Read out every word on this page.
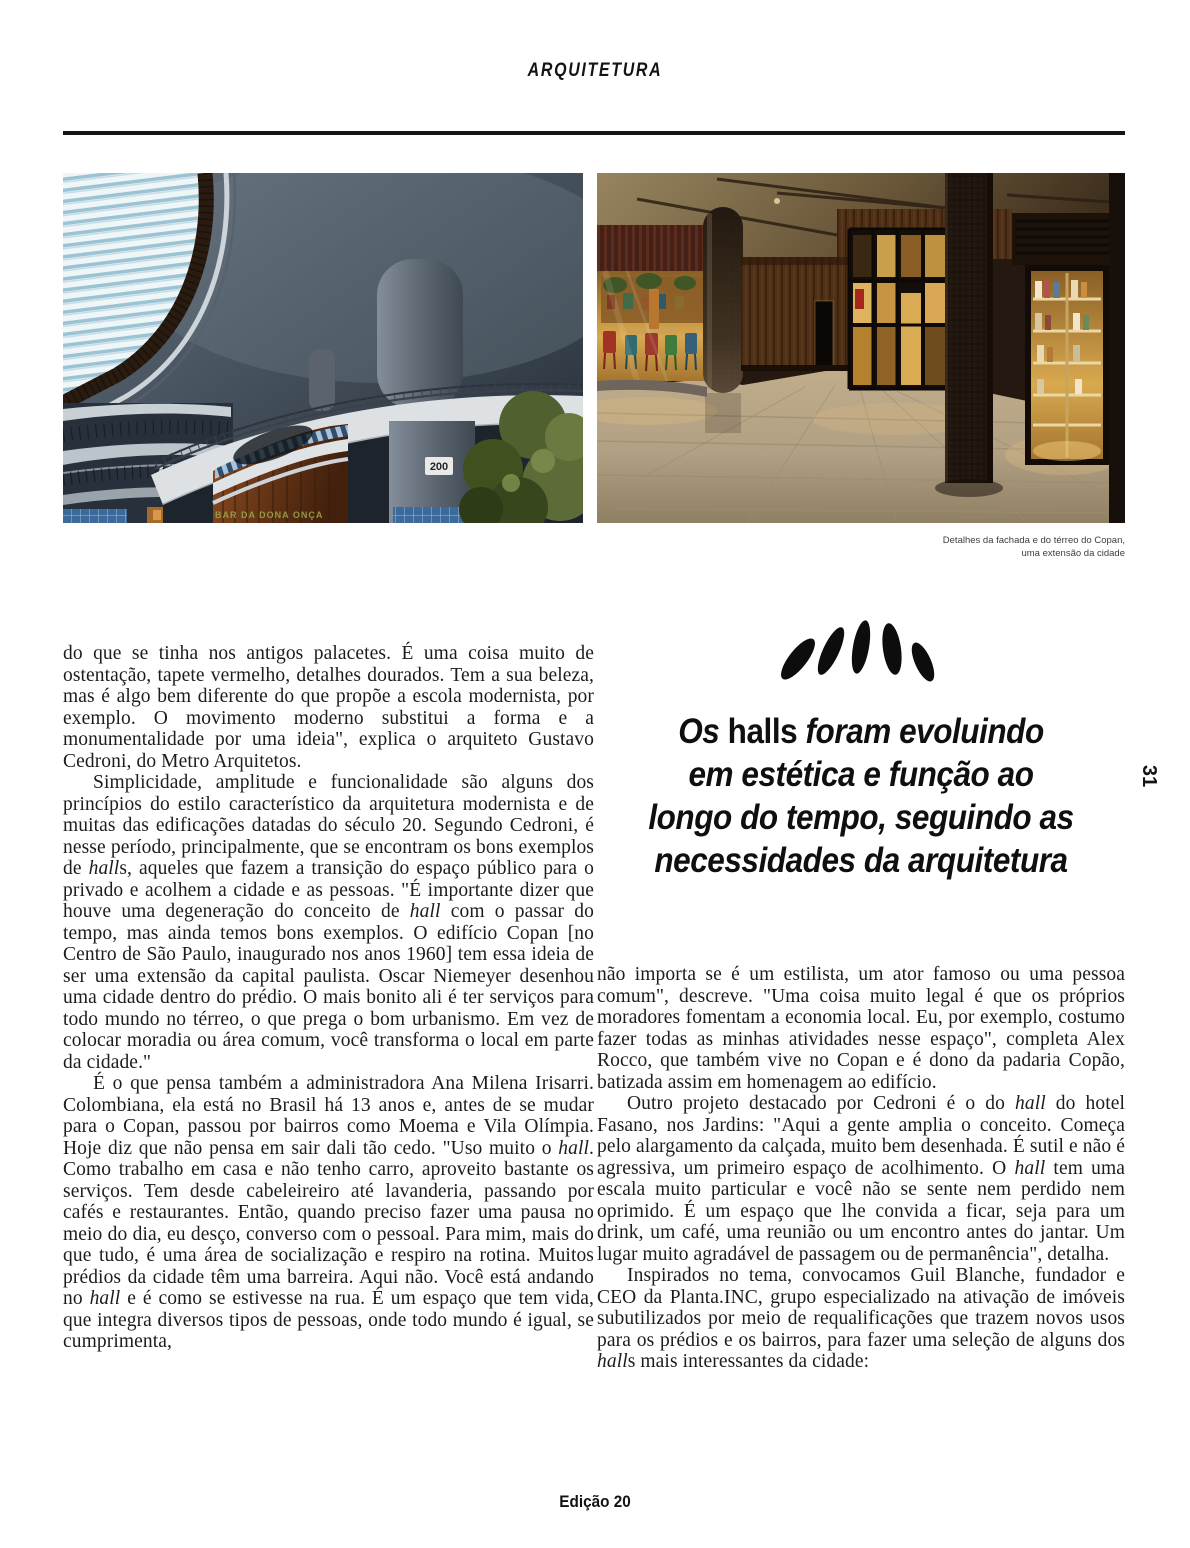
ARQUITETURA
200
BAR DA DONA ONÇA
Detalhes da fachada e do térreo do Copan,
uma extensão da cidade
Os halls foram evoluindo
em estética e função ao
longo do tempo, seguindo as
necessidades da arquitetura

do que se tinha nos antigos palacetes. É uma coisa muito de ostentação, tapete vermelho, detalhes dourados. Tem a sua beleza, mas é algo bem diferente do que propõe a escola modernista, por exemplo. O movimento moderno substitui a forma e a monumentalidade por uma ideia", explica o arquiteto Gustavo Cedroni, do Metro Arquitetos.

Simplicidade, amplitude e funcionalidade são alguns dos princípios do estilo característico da arquitetura modernista e de muitas das edificações datadas do século 20. Segundo Cedroni, é nesse período, principalmente, que se encontram os bons exemplos de halls, aqueles que fazem a transição do espaço público para o privado e acolhem a cidade e as pessoas. "É importante dizer que houve uma degeneração do conceito de hall com o passar do tempo, mas ainda temos bons exemplos. O edifício Copan [no Centro de São Paulo, inaugurado nos anos 1960] tem essa ideia de ser uma extensão da capital paulista. Oscar Niemeyer desenhou uma cidade dentro do prédio. O mais bonito ali é ter serviços para todo mundo no térreo, o que prega o bom urbanismo. Em vez de colocar moradia ou área comum, você transforma o local em parte da cidade."

É o que pensa também a administradora Ana Milena Irisarri. Colombiana, ela está no Brasil há 13 anos e, antes de se mudar para o Copan, passou por bairros como Moema e Vila Olímpia. Hoje diz que não pensa em sair dali tão cedo. "Uso muito o hall. Como trabalho em casa e não tenho carro, aproveito bastante os serviços. Tem desde cabeleireiro até lavanderia, passando por cafés e restaurantes. Então, quando preciso fazer uma pausa no meio do dia, eu desço, converso com o pessoal. Para mim, mais do que tudo, é uma área de socialização e respiro na rotina. Muitos prédios da cidade têm uma barreira. Aqui não. Você está andando no hall e é como se estivesse na rua. É um espaço que tem vida, que integra diversos tipos de pessoas, onde todo mundo é igual, se cumprimenta,

não importa se é um estilista, um ator famoso ou uma pessoa comum", descreve. "Uma coisa muito legal é que os próprios moradores fomentam a economia local. Eu, por exemplo, costumo fazer todas as minhas atividades nesse espaço", completa Alex Rocco, que também vive no Copan e é dono da padaria Copão, batizada assim em homenagem ao edifício.

Outro projeto destacado por Cedroni é o do hall do hotel Fasano, nos Jardins: "Aqui a gente amplia o conceito. Começa pelo alargamento da calçada, muito bem desenhada. É sutil e não é agressiva, um primeiro espaço de acolhimento. O hall tem uma escala muito particular e você não se sente nem perdido nem oprimido. É um espaço que lhe convida a ficar, seja para um drink, um café, uma reunião ou um encontro antes do jantar. Um lugar muito agradável de passagem ou de permanência", detalha.

Inspirados no tema, convocamos Guil Blanche, fundador e CEO da Planta.INC, grupo especializado na ativação de imóveis subutilizados por meio de requalificações que trazem novos usos para os prédios e os bairros, para fazer uma seleção de alguns dos halls mais interessantes da cidade:

31
Edição 20
